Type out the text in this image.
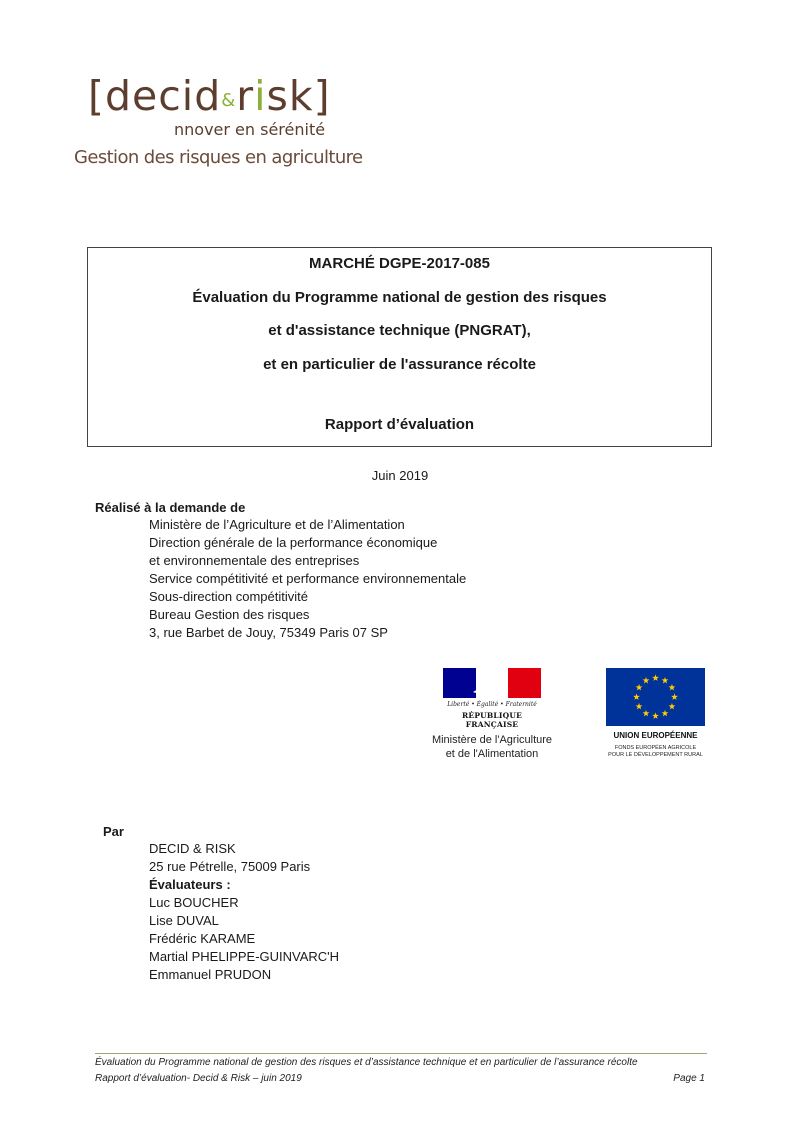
[decid&risk]
nnover en sérénité
Gestion des risques en agriculture
MARCHÉ DGPE-2017-085
Évaluation du Programme national de gestion des risques
et d'assistance technique (PNGRAT),
et en particulier de l'assurance récolte
Rapport d’évaluation
Juin 2019
Réalisé à la demande de
Ministère de l’Agriculture et de l’Alimentation
Direction générale de la performance économique
et environnementale des entreprises
Service compétitivité et performance environnementale
Sous-direction compétitivité
Bureau Gestion des risques
3, rue Barbet de Jouy, 75349 Paris 07 SP
Liberté • Égalité • Fraternité
RÉPUBLIQUE FRANÇAISE
Ministère de l'Agriculture
et de l'Alimentation
UNION EUROPÉENNE
FONDS EUROPÉEN AGRICOLE
POUR LE DÉVELOPPEMENT RURAL
Par
DECID & RISK
25 rue Pétrelle, 75009 Paris
Évaluateurs :
Luc BOUCHER
Lise DUVAL
Frédéric KARAME
Martial PHELIPPE-GUINVARC'H
Emmanuel PRUDON
Évaluation du Programme national de gestion des risques et d’assistance technique et en particulier de l’assurance récolte
Rapport d’évaluation- Decid & Risk – juin 2019	Page 1
